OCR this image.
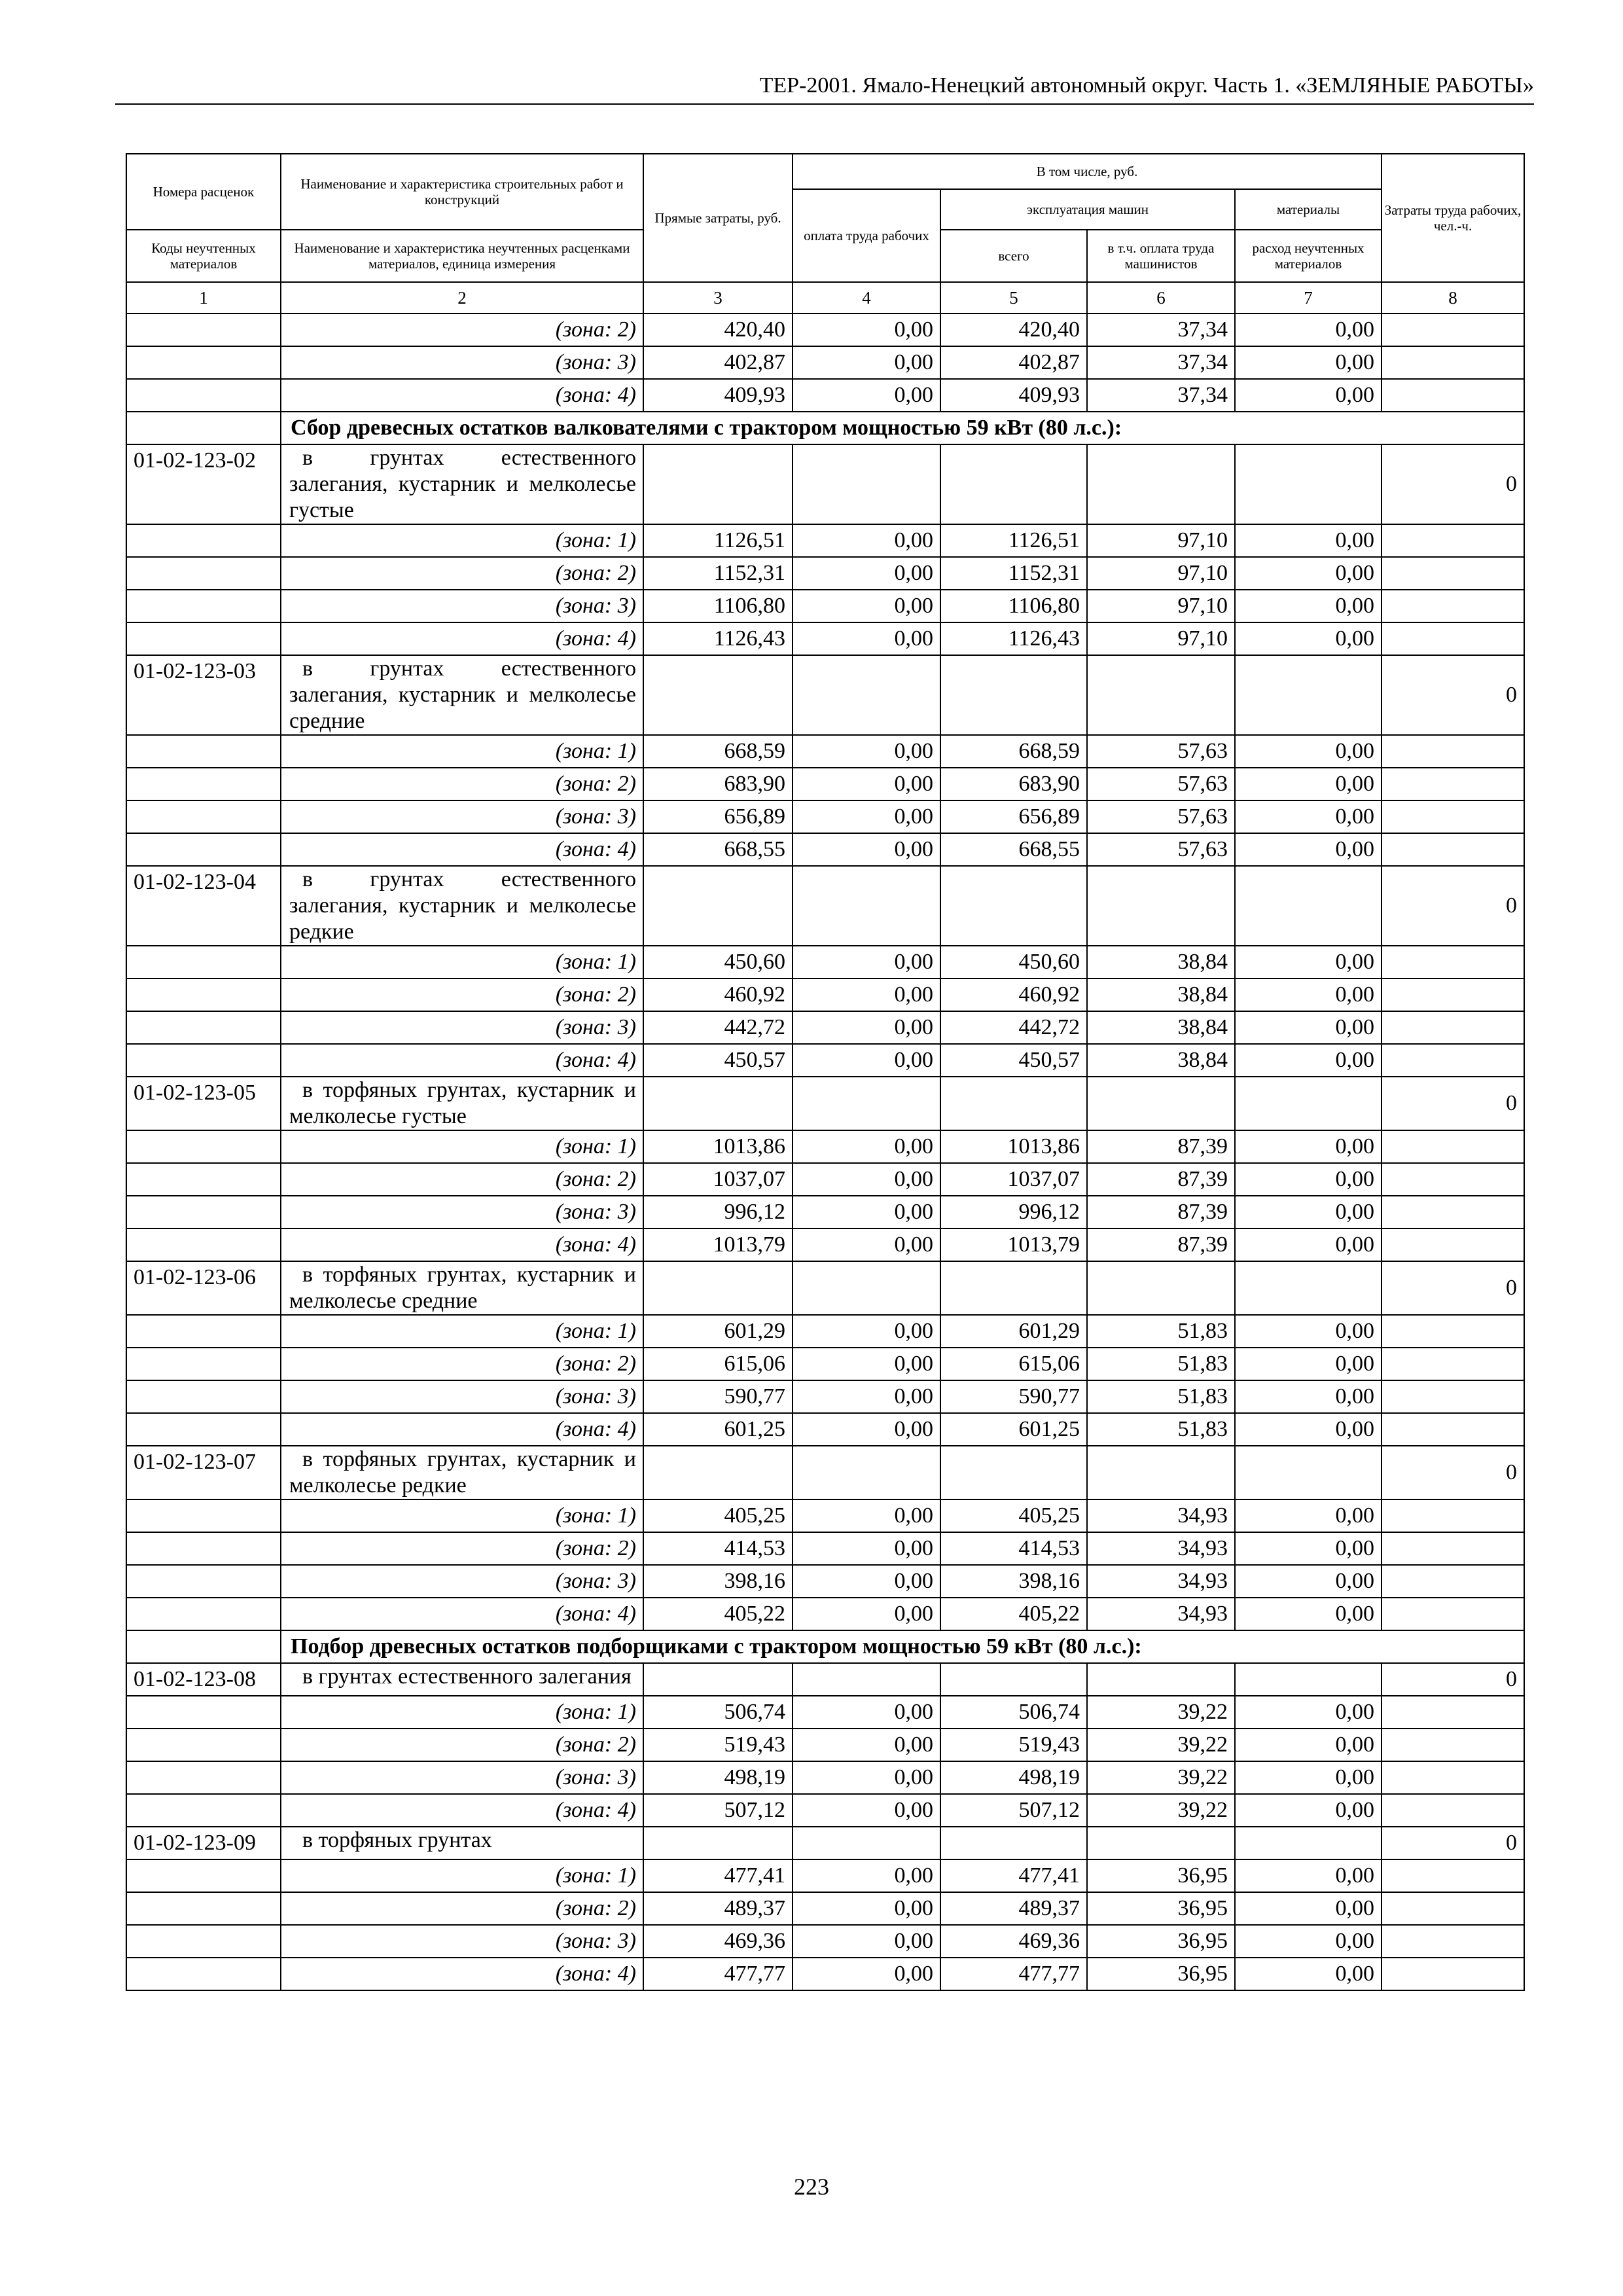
ТЕР-2001. Ямало-Ненецкий автономный округ. Часть 1. «ЗЕМЛЯНЫЕ РАБОТЫ»
Номера расценок	Наименование и характеристика строительных работ и конструкций	Прямые затраты, руб.	В том числе, руб.				Затраты труда рабочих, чел.-ч.
			оплата труда рабочих	эксплуатация машин		материалы	
Коды неучтенных материалов	Наименование и характеристика неучтенных расценками материалов, единица измерения			всего	в т.ч. оплата труда машинистов	расход неучтенных материалов	
1	2	3	4	5	6	7	8
	(зона: 2)	420,40	0,00	420,40	37,34	0,00	
	(зона: 3)	402,87	0,00	402,87	37,34	0,00	
	(зона: 4)	409,93	0,00	409,93	37,34	0,00	
	Сбор древесных остатков валкователями с трактором мощностью 59 кВт (80 л.с.):						
01-02-123-02	в грунтах естественного залегания, кустарник и мелколесье густые						0
	(зона: 1)	1126,51	0,00	1126,51	97,10	0,00	
	(зона: 2)	1152,31	0,00	1152,31	97,10	0,00	
	(зона: 3)	1106,80	0,00	1106,80	97,10	0,00	
	(зона: 4)	1126,43	0,00	1126,43	97,10	0,00	
01-02-123-03	в грунтах естественного залегания, кустарник и мелколесье средние						0
	(зона: 1)	668,59	0,00	668,59	57,63	0,00	
	(зона: 2)	683,90	0,00	683,90	57,63	0,00	
	(зона: 3)	656,89	0,00	656,89	57,63	0,00	
	(зона: 4)	668,55	0,00	668,55	57,63	0,00	
01-02-123-04	в грунтах естественного залегания, кустарник и мелколесье редкие						0
	(зона: 1)	450,60	0,00	450,60	38,84	0,00	
	(зона: 2)	460,92	0,00	460,92	38,84	0,00	
	(зона: 3)	442,72	0,00	442,72	38,84	0,00	
	(зона: 4)	450,57	0,00	450,57	38,84	0,00	
01-02-123-05	в торфяных грунтах, кустарник и мелколесье густые						0
	(зона: 1)	1013,86	0,00	1013,86	87,39	0,00	
	(зона: 2)	1037,07	0,00	1037,07	87,39	0,00	
	(зона: 3)	996,12	0,00	996,12	87,39	0,00	
	(зона: 4)	1013,79	0,00	1013,79	87,39	0,00	
01-02-123-06	в торфяных грунтах, кустарник и мелколесье средние						0
	(зона: 1)	601,29	0,00	601,29	51,83	0,00	
	(зона: 2)	615,06	0,00	615,06	51,83	0,00	
	(зона: 3)	590,77	0,00	590,77	51,83	0,00	
	(зона: 4)	601,25	0,00	601,25	51,83	0,00	
01-02-123-07	в торфяных грунтах, кустарник и мелколесье редкие						0
	(зона: 1)	405,25	0,00	405,25	34,93	0,00	
	(зона: 2)	414,53	0,00	414,53	34,93	0,00	
	(зона: 3)	398,16	0,00	398,16	34,93	0,00	
	(зона: 4)	405,22	0,00	405,22	34,93	0,00	
	Подбор древесных остатков подборщиками с трактором мощностью 59 кВт (80 л.с.):						
01-02-123-08	в грунтах естественного залегания						0
	(зона: 1)	506,74	0,00	506,74	39,22	0,00	
	(зона: 2)	519,43	0,00	519,43	39,22	0,00	
	(зона: 3)	498,19	0,00	498,19	39,22	0,00	
	(зона: 4)	507,12	0,00	507,12	39,22	0,00	
01-02-123-09	в торфяных грунтах						0
	(зона: 1)	477,41	0,00	477,41	36,95	0,00	
	(зона: 2)	489,37	0,00	489,37	36,95	0,00	
	(зона: 3)	469,36	0,00	469,36	36,95	0,00	
	(зона: 4)	477,77	0,00	477,77	36,95	0,00	
223
